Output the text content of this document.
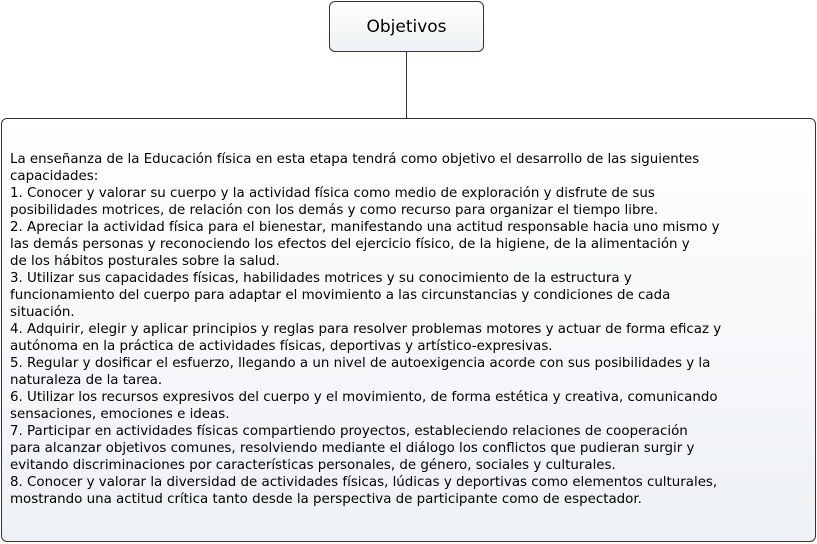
Objetivos

La enseñanza de la Educación física en esta etapa tendrá como objetivo el desarrollo de las siguientes

capacidades:

1. Conocer y valorar su cuerpo y la actividad física como medio de exploración y disfrute de sus

posibilidades motrices, de relación con los demás y como recurso para organizar el tiempo libre.

2. Apreciar la actividad física para el bienestar, manifestando una actitud responsable hacia uno mismo y

las demás personas y reconociendo los efectos del ejercicio físico, de la higiene, de la alimentación y

de los hábitos posturales sobre la salud.

3. Utilizar sus capacidades físicas, habilidades motrices y su conocimiento de la estructura y

funcionamiento del cuerpo para adaptar el movimiento a las circunstancias y condiciones de cada

situación.

4. Adquirir, elegir y aplicar principios y reglas para resolver problemas motores y actuar de forma eficaz y

autónoma en la práctica de actividades físicas, deportivas y artístico-expresivas.

5. Regular y dosificar el esfuerzo, llegando a un nivel de autoexigencia acorde con sus posibilidades y la

naturaleza de la tarea.

6. Utilizar los recursos expresivos del cuerpo y el movimiento, de forma estética y creativa, comunicando

sensaciones, emociones e ideas.

7. Participar en actividades físicas compartiendo proyectos, estableciendo relaciones de cooperación

para alcanzar objetivos comunes, resolviendo mediante el diálogo los conflictos que pudieran surgir y

evitando discriminaciones por características personales, de género, sociales y culturales.

8. Conocer y valorar la diversidad de actividades físicas, lúdicas y deportivas como elementos culturales,

mostrando una actitud crítica tanto desde la perspectiva de participante como de espectador.
